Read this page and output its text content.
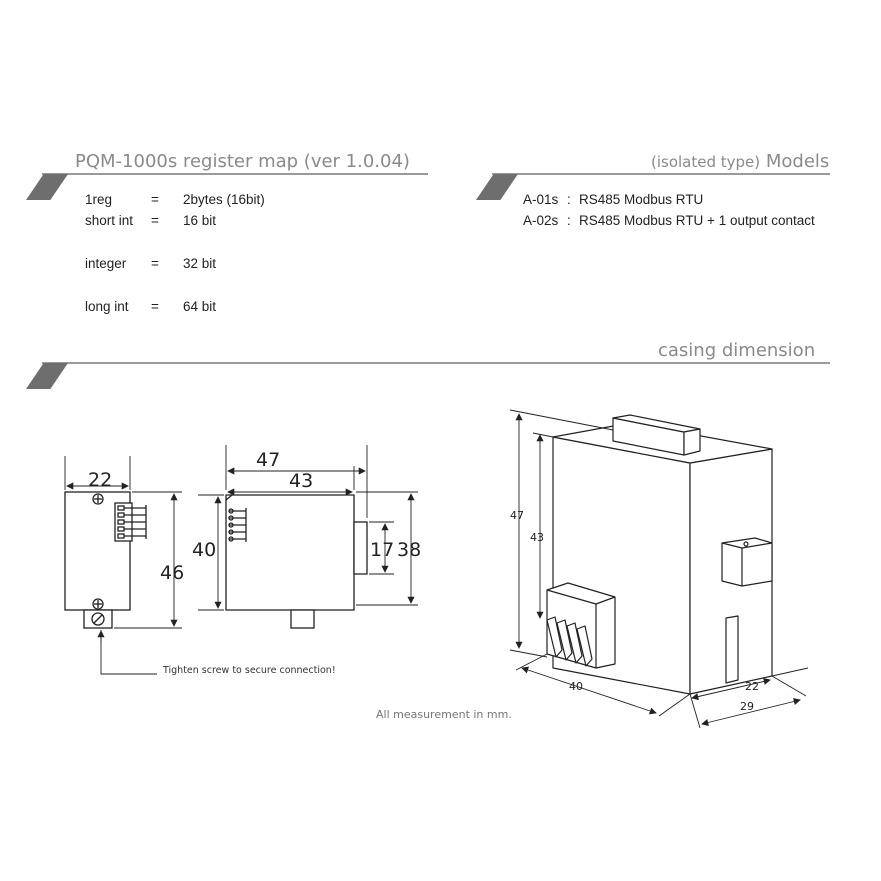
PQM-1000s register map (ver 1.0.04)
1reg	= 2bytes (16bit)
short int = 16 bit
integer = 32 bit
long int = 64 bit
(isolated type) Models
A-01s : RS485 Modbus RTU
A-02s : RS485 Modbus RTU + 1 output contact
casing dimension
22
46
Tighten screw to secure connection!
47
43
40	17 38
47
43
40	22
29
All measurement in mm.
